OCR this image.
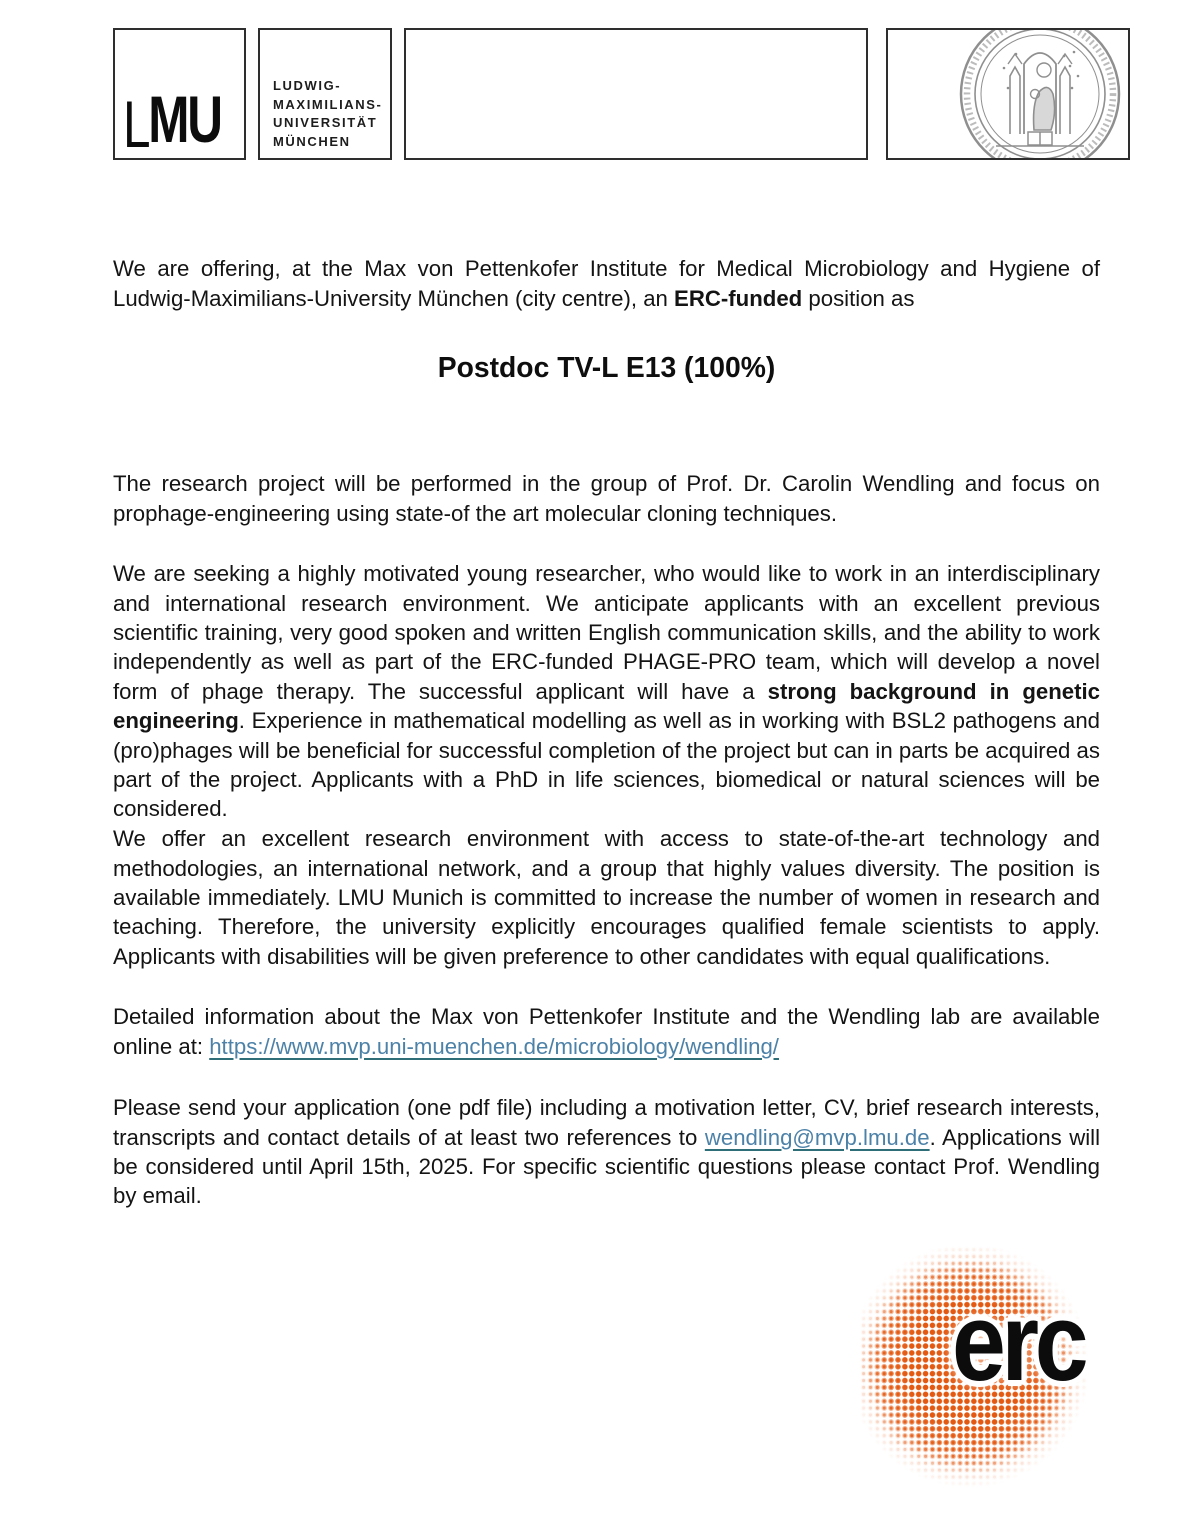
LMU	LUDWIG-
MAXIMILIANS-
UNIVERSITÄT
MÜNCHEN

We are offering, at the Max von Pettenkofer Institute for Medical Microbiology and Hygiene of Ludwig-Maximilians-University München (city centre), an ERC-funded position as

Postdoc TV-L E13 (100%)

The research project will be performed in the group of Prof. Dr. Carolin Wendling and focus on prophage-engineering using state-of the art molecular cloning techniques.

We are seeking a highly motivated young researcher, who would like to work in an interdisciplinary and international research environment. We anticipate applicants with an excellent previous scientific training, very good spoken and written English communication skills, and the ability to work independently as well as part of the ERC-funded PHAGE-PRO team, which will develop a novel form of phage therapy. The successful applicant will have a strong background in genetic engineering. Experience in mathematical modelling as well as in working with BSL2 pathogens and (pro)phages will be beneficial for successful completion of the project but can in parts be acquired as part of the project. Applicants with a PhD in life sciences, biomedical or natural sciences will be considered.

We offer an excellent research environment with access to state-of-the-art technology and methodologies, an international network, and a group that highly values diversity. The position is available immediately. LMU Munich is committed to increase the number of women in research and teaching. Therefore, the university explicitly encourages qualified female scientists to apply. Applicants with disabilities will be given preference to other candidates with equal qualifications.

Detailed information about the Max von Pettenkofer Institute and the Wendling lab are available online at: https://www.mvp.uni-muenchen.de/microbiology/wendling/

Please send your application (one pdf file) including a motivation letter, CV, brief research interests, transcripts and contact details of at least two references to wendling@mvp.lmu.de. Applications will be considered until April 15th, 2025. For specific scientific questions please contact Prof. Wendling by email.

erc
